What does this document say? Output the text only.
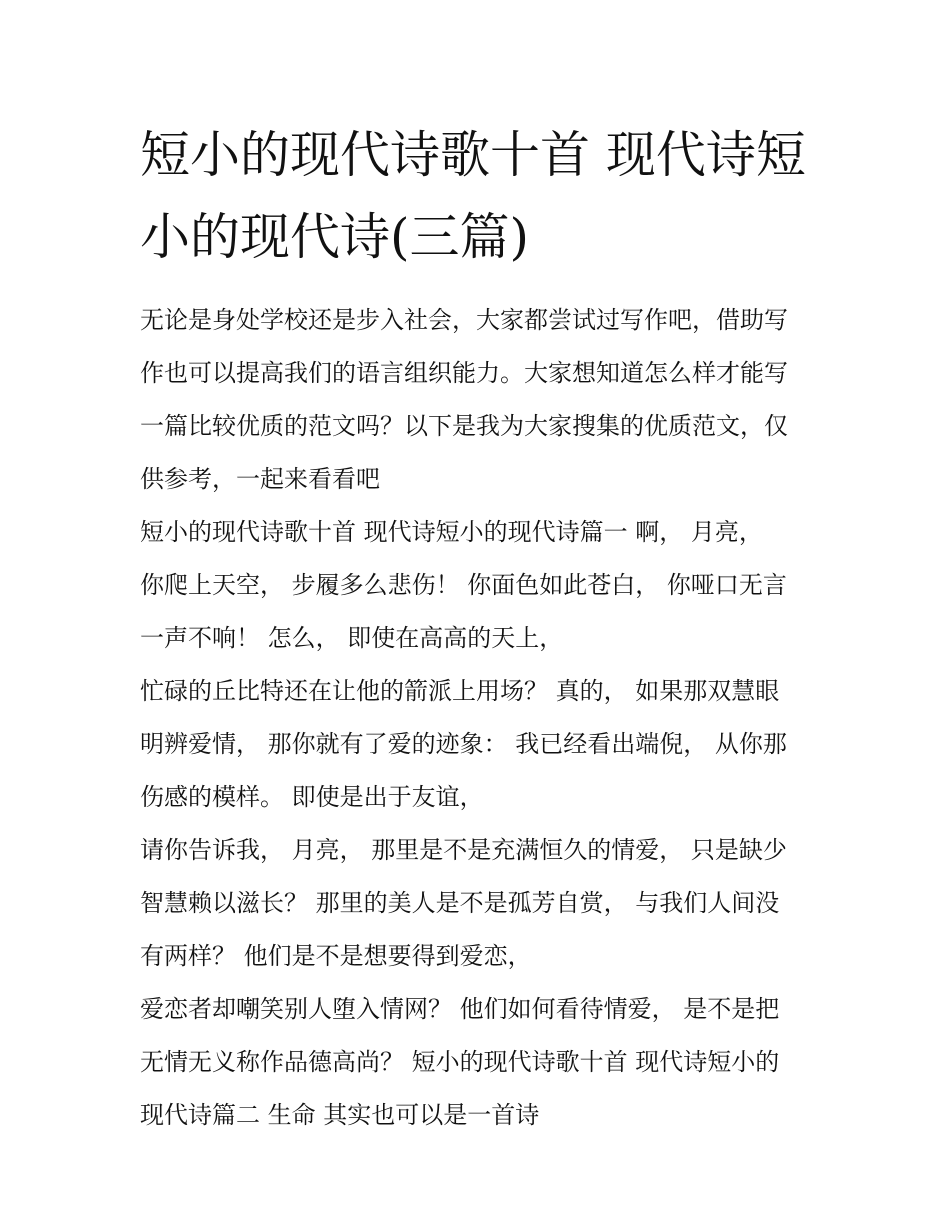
短小的现代诗歌十首 现代诗短
小的现代诗(三篇)
无论是身处学校还是步入社会，大家都尝试过写作吧，借助写
作也可以提高我们的语言组织能力。大家想知道怎么样才能写
一篇比较优质的范文吗？以下是我为大家搜集的优质范文，仅
供参考，一起来看看吧
短小的现代诗歌十首 现代诗短小的现代诗篇一 啊， 月亮，
你爬上天空， 步履多么悲伤！ 你面色如此苍白， 你哑口无言
一声不响！ 怎么， 即使在高高的天上，
忙碌的丘比特还在让他的箭派上用场？ 真的， 如果那双慧眼
明辨爱情， 那你就有了爱的迹象： 我已经看出端倪， 从你那
伤感的模样。 即使是出于友谊，
请你告诉我， 月亮， 那里是不是充满恒久的情爱， 只是缺少
智慧赖以滋长？ 那里的美人是不是孤芳自赏， 与我们人间没
有两样？ 他们是不是想要得到爱恋，
爱恋者却嘲笑别人堕入情网？ 他们如何看待情爱， 是不是把
无情无义称作品德高尚？ 短小的现代诗歌十首 现代诗短小的
现代诗篇二 生命 其实也可以是一首诗
